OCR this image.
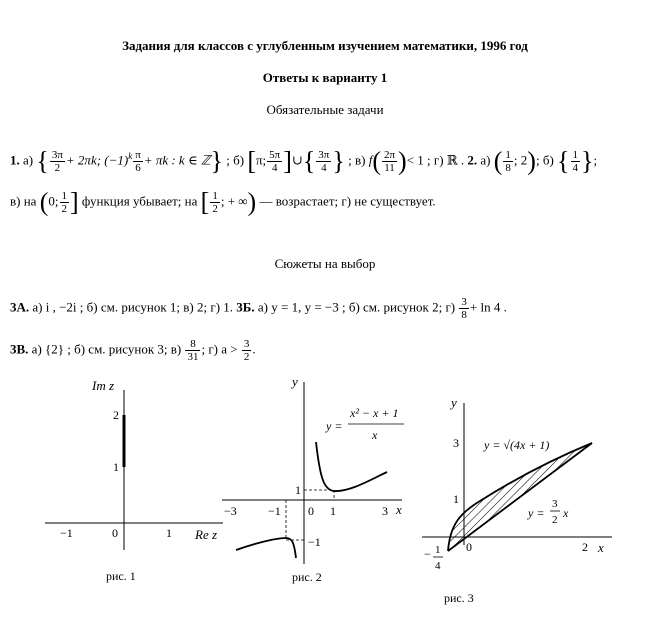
Задания для классов с углубленным изучением математики, 1996 год
Ответы к варианту 1
Обязательные задачи
1. а) { $\frac{3\pi}{2} + 2\pi k$; $(-1)^k \frac{\pi}{6} + \pi k$ : k ∈ ℤ} ; б) [π; $\frac{5\pi}{4}$ ]∪{ $\frac{3\pi}{4}$ } ; в) $f( \frac{2\pi}{11}$ )< 1 ; г) ℝ . 2. а) ( $\frac{1}{8}$ ; 2); б) { $\frac{1}{4}$ };
в) на (0; $\frac{1}{2}$ ] функция убывает; на [ $\frac{1}{2}$ ; + ∞) — возрастает; г) не существует.
Сюжеты на выбор
3А. а) i , −2i ; б) см. рисунок 1; в) 2; г) 1. 3Б. а) y = 1, y = −3 ; б) см. рисунок 2; $г) \frac{3}{8} + \ln 4$ .
3В. а) {2} ; б) см. рисунок 3; $в) \frac{8}{31}$ ; г) $a > \frac{3}{2}$ .
Im z
Re z
−1	0	1
2
1
рис. 1
y
x
−3	−1 0 1	3
1
−1
y =
x² − x + 1
x
рис. 2
y
x
0	2
3
1
− 1
4
y = √(4x + 1)
y =
3
2 x
рис. 3
